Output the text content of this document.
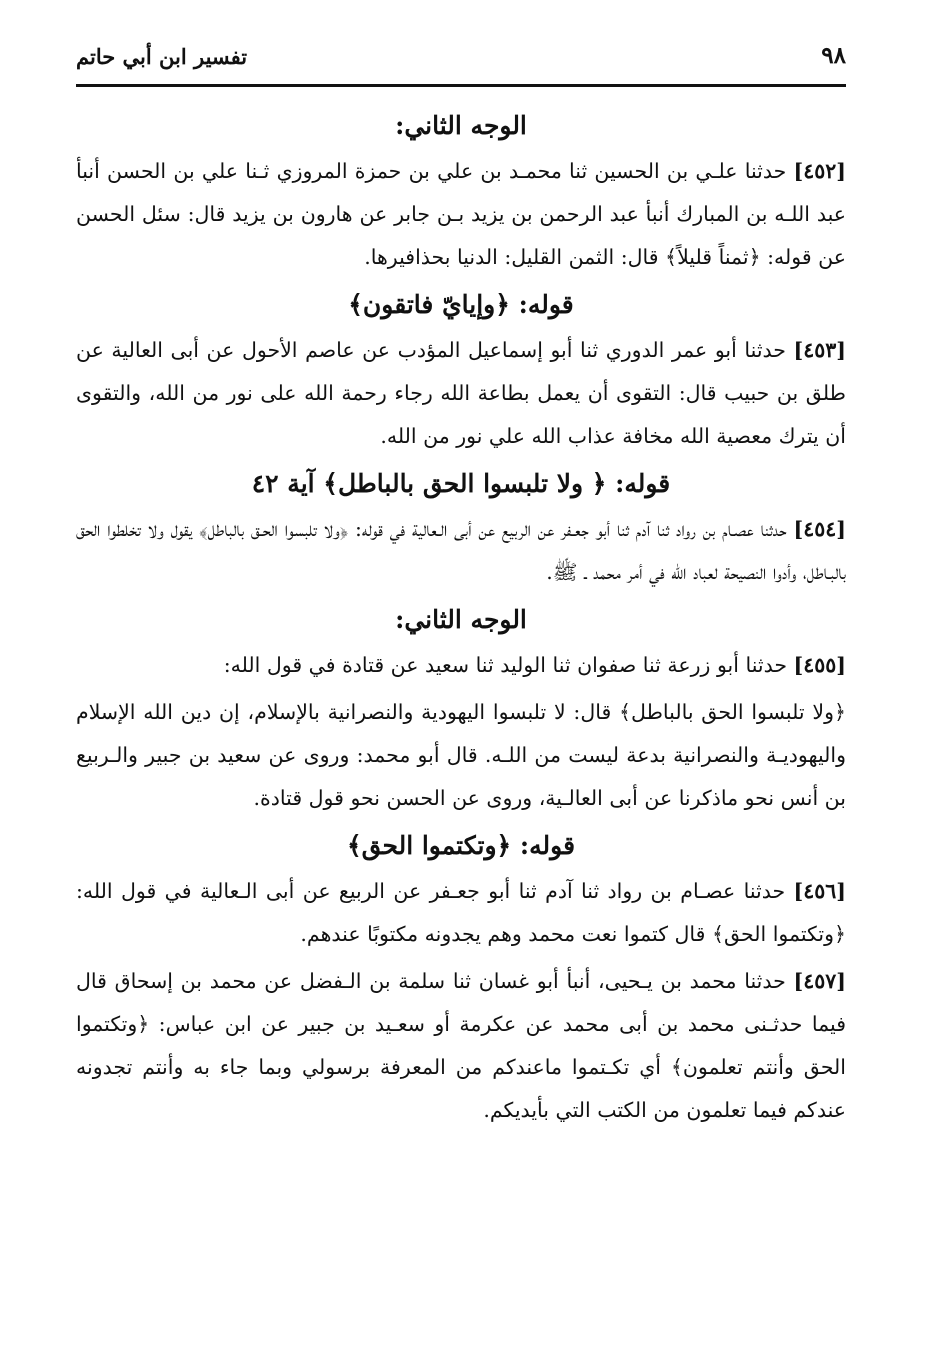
٩٨
تفسير ابن أبي حاتم
الوجه الثاني:

[٤٥٢] حدثنا علـي بن الحسين ثنا محمـد بن علي بن حمزة المروزي ثـنا علي بن الحسن أنبأ عبد اللـه بن المبارك أنبأ عبد الرحمن بن يزيد بـن جابر عن هارون بن يزيد قال: سئل الحسن عن قوله: ﴿ثمناً قليلاً﴾ قال: الثمن القليل: الدنيا بحذافيرها.

قوله: ﴿وإيايّ فاتقون﴾

[٤٥٣] حدثنا أبو عمر الدوري ثنا أبو إسماعيل المؤدب عن عاصم الأحول عن أبى العالية عن طلق بن حبيب قال: التقوى أن يعمل بطاعة الله رجاء رحمة الله على نور من الله، والتقوى أن يترك معصية الله مخافة عذاب الله علي نور من الله.

قوله: ﴿ ولا تلبسوا الحق بالباطل﴾ آية ٤٢

[٤٥٤] حدثنا عصـام بن رواد ثنا آدم ثنا أبو جعـفر عن الربيع عن أبى الـعالية في قوله: ﴿ولا تلبسوا الحـق بالباطل﴾ يقول ولا تخلطوا الحق بالبـاطل، وأدوا النصيحة لعباد الله في أمر محمد ـ ﷺ.

الوجه الثاني:

[٤٥٥] حدثنا أبو زرعة ثنا صفوان ثنا الوليد ثنا سعيد عن قتادة في قول الله:

﴿ولا تلبسوا الحق بالباطل﴾ قال: لا تلبسوا اليهودية والنصرانية بالإسلام، إن دين الله الإسلام واليهوديـة والنصرانية بدعة ليست من اللـه. قال أبو محمد: وروى عن سعيد بن جبير والـربيع بن أنس نحو ماذكرنا عن أبى العالـية، وروى عن الحسن نحو قول قتادة.

قوله: ﴿وتكتموا الحق﴾

[٤٥٦] حدثنا عصـام بن رواد ثنا آدم ثنا أبو جعـفر عن الربيع عن أبى الـعالية في قول الله: ﴿وتكتموا الحق﴾ قال كتموا نعت محمد وهم يجدونه مكتوبًا عندهم.

[٤٥٧] حدثنا محمد بن يـحيى، أنبأ أبو غسان ثنا سلمة بن الـفضل عن محمد بن إسحاق قال فيما حدثـنى محمد بن أبى محمد عن عكرمة أو سعـيد بن جبير عن ابن عباس: ﴿وتكتموا الحق وأنتم تعلمون﴾ أي تكـتموا ماعندكم من المعرفة برسولي وبما جاء به وأنتم تجدونه عندكم فيما تعلمون من الكتب التي بأيديكم.
